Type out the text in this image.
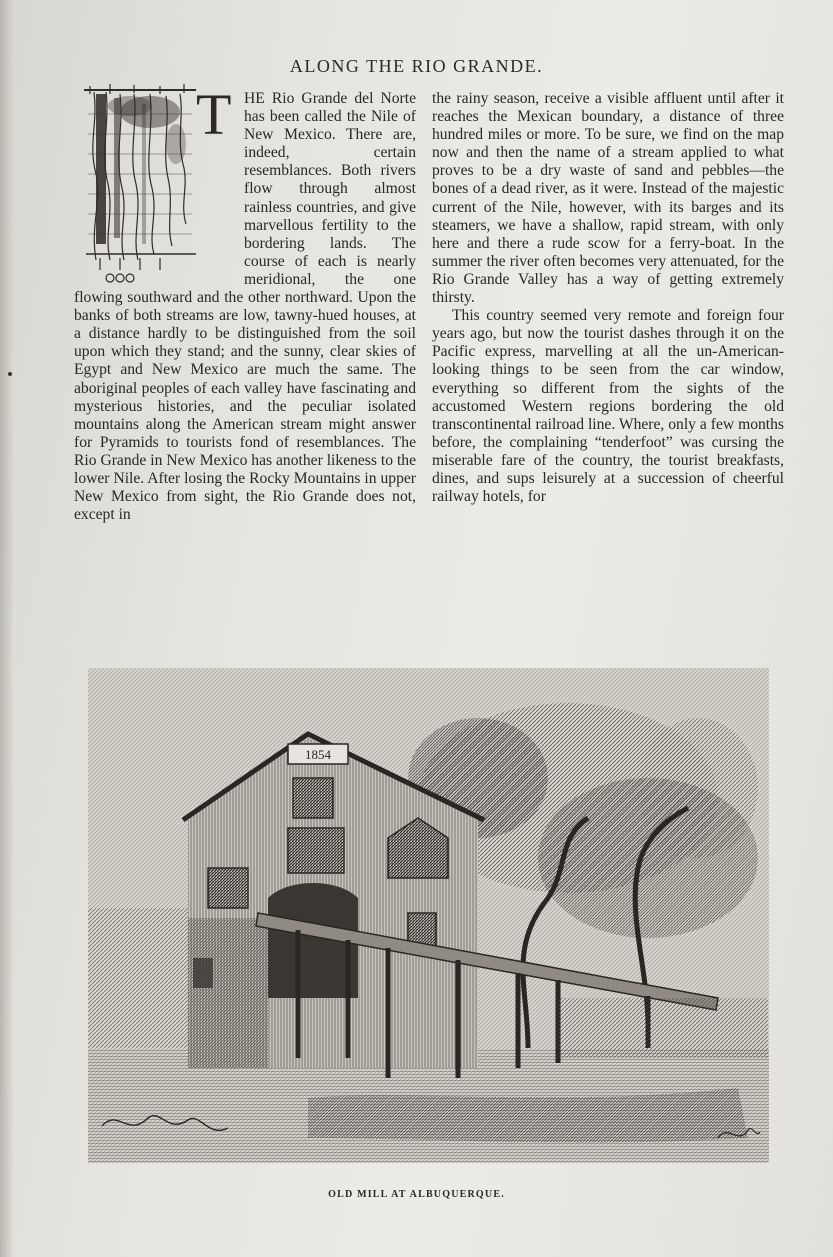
ALONG THE RIO GRANDE.
T HE Rio Grande del Norte has been called the Nile of New Mexico. There are, indeed, certain resemblances. Both rivers flow through almost rainless countries, and give marvellous fertility to the bordering lands. The course of each is nearly meridional, the one flowing southward and the other northward. Upon the banks of both streams are low, tawny-hued houses, at a distance hardly to be distinguished from the soil upon which they stand; and the sunny, clear skies of Egypt and New Mexico are much the same. The aboriginal peoples of each valley have fascinating and mysterious histories, and the peculiar isolated mountains along the American stream might answer for Pyramids to tourists fond of resemblances. The Rio Grande in New Mexico has another likeness to the lower Nile. After losing the Rocky Mountains in upper New Mexico from sight, the Rio Grande does not, except in

the rainy season, receive a visible affluent until after it reaches the Mexican boundary, a distance of three hundred miles or more. To be sure, we find on the map now and then the name of a stream applied to what proves to be a dry waste of sand and pebbles—the bones of a dead river, as it were. Instead of the majestic current of the Nile, however, with its barges and its steamers, we have a shallow, rapid stream, with only here and there a rude scow for a ferry-boat. In the summer the river often becomes very attenuated, for the Rio Grande Valley has a way of getting extremely thirsty.

This country seemed very remote and foreign four years ago, but now the tourist dashes through it on the Pacific express, marvelling at all the un-American-looking things to be seen from the car window, everything so different from the sights of the accustomed Western regions bordering the old transcontinental railroad line. Where, only a few months before, the complaining “tenderfoot” was cursing the miserable fare of the country, the tourist breakfasts, dines, and sups leisurely at a succession of cheerful railway hotels, for

1854
OLD MILL AT ALBUQUERQUE.
